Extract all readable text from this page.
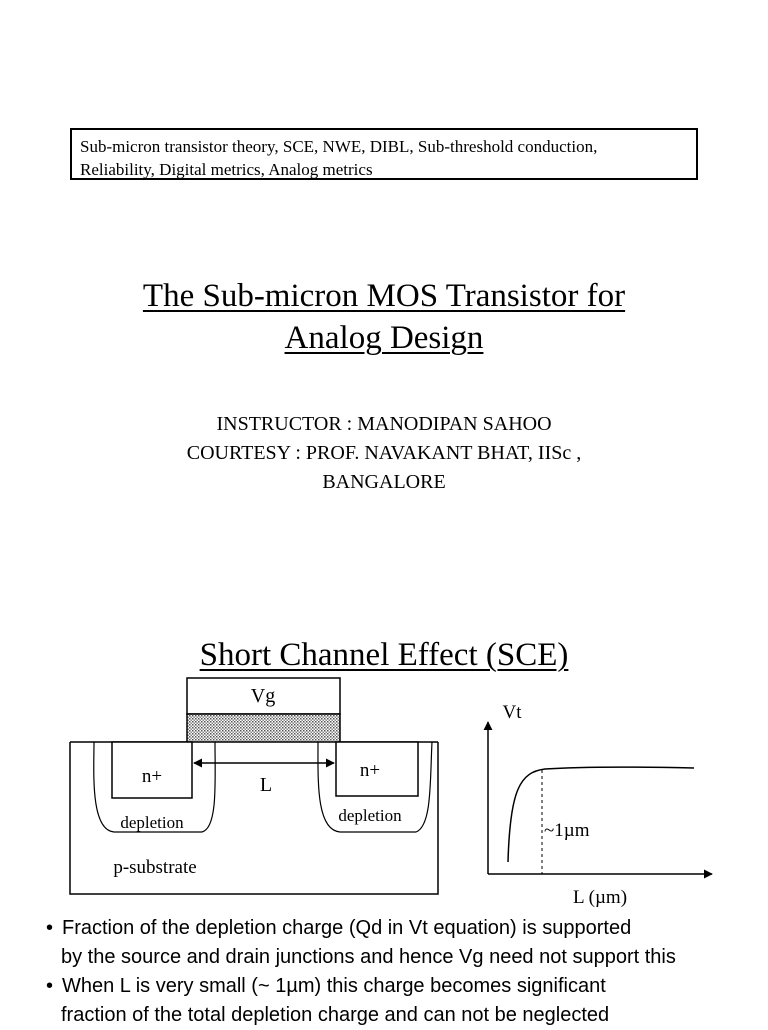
Sub-micron transistor theory, SCE, NWE, DIBL, Sub-threshold conduction,
Reliability, Digital metrics, Analog metrics
The Sub-micron MOS Transistor for
Analog Design
INSTRUCTOR : MANODIPAN SAHOO
COURTESY : PROF. NAVAKANT BHAT, IISc ,
BANGALORE
Short Channel Effect (SCE)
Vg
n+	n+
depletion	depletion
L
p-substrate
Vt
L (µm)
~1µm
• Fraction of the depletion charge (Qd in Vt equation) is supported
by the source and drain junctions and hence Vg need not support this
• When L is very small (~ 1µm) this charge becomes significant
fraction of the total depletion charge and can not be neglected
